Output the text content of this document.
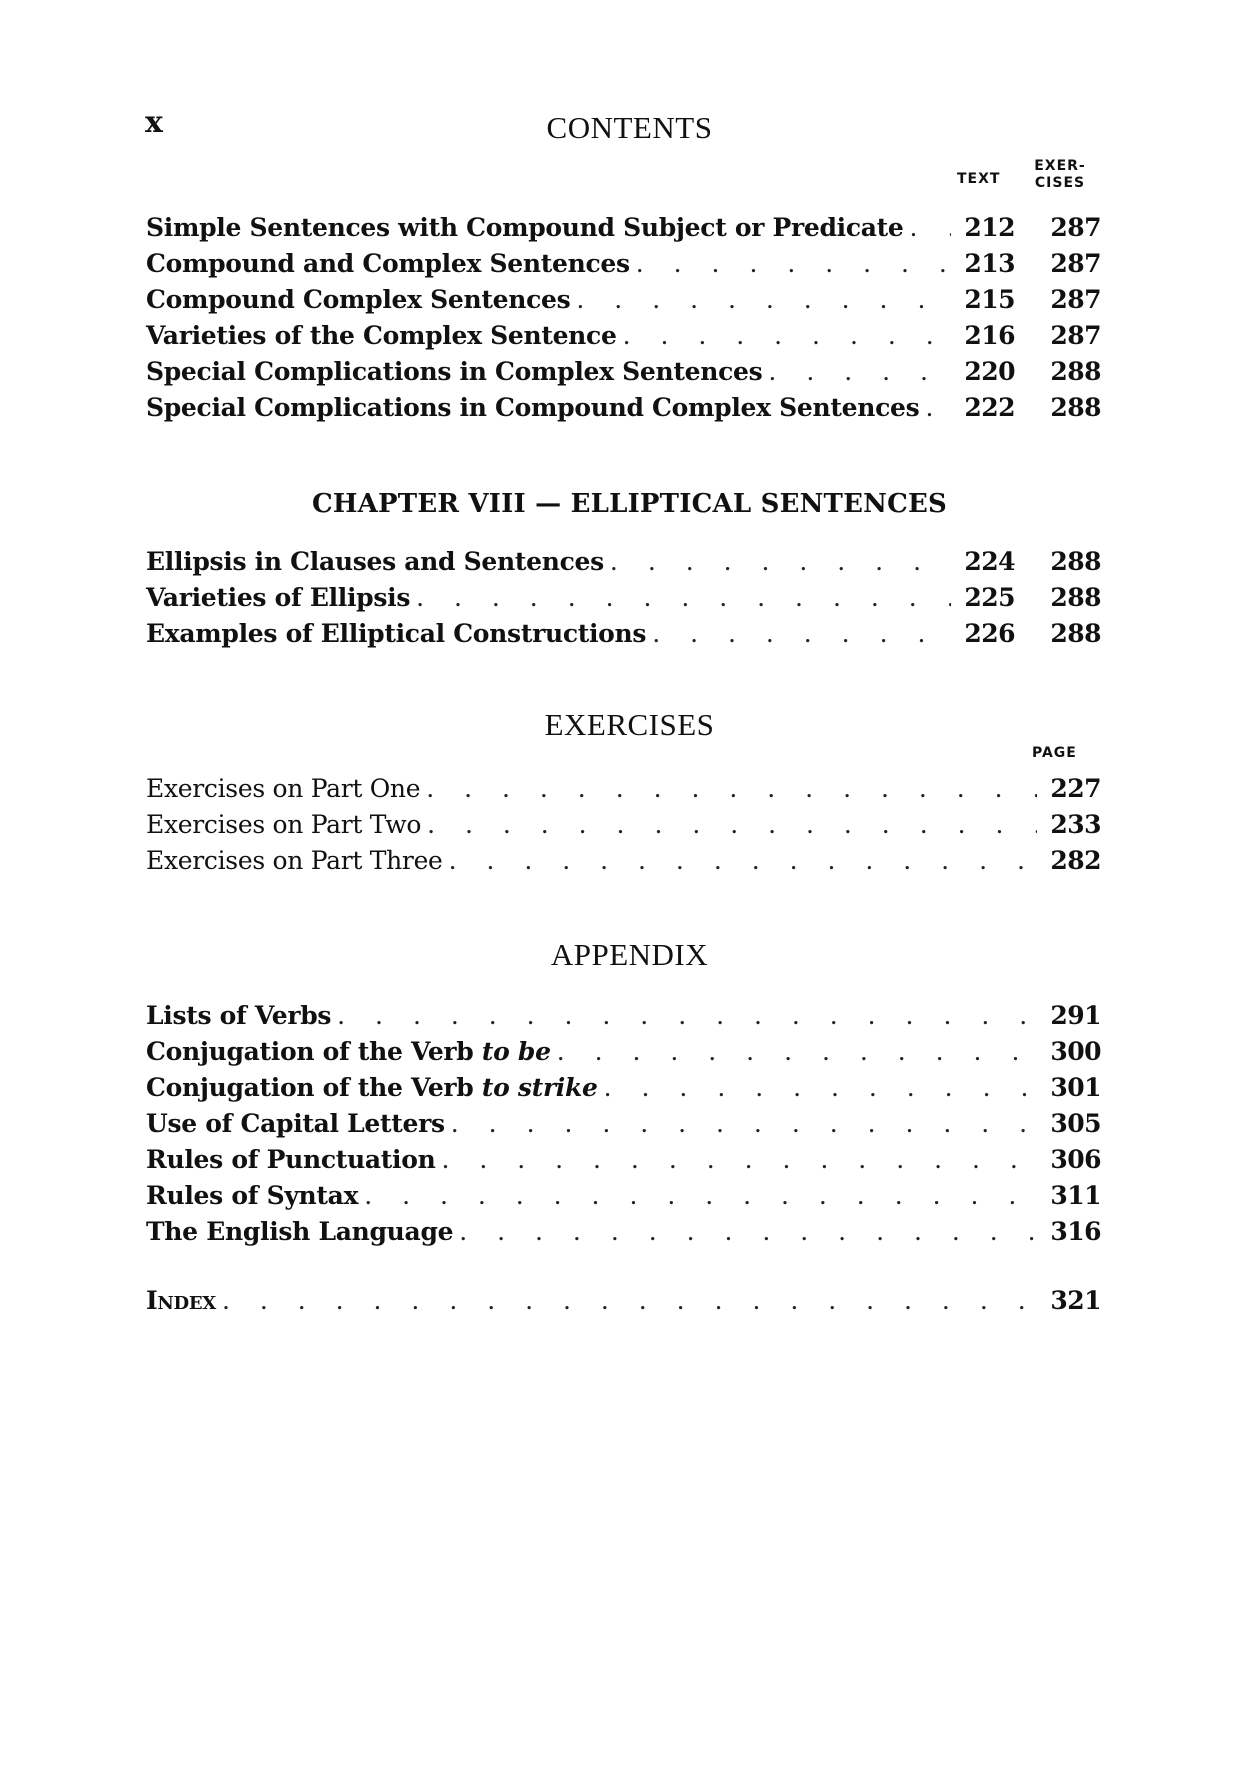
x	CONTENTS
TEXT
EXER-
CISES
Simple Sentences with Compound Subject or Predicate . . . 212	287
Compound and Complex Sentences . . .	213	287
Compound Complex Sentences . . .	215	287
Varieties of the Complex Sentence . . .	216	287
Special Complications in Complex Sentences . . .	220	288
Special Complications in Compound Complex Sentences . . . 222	288
CHAPTER VIII — ELLIPTICAL SENTENCES
Ellipsis in Clauses and Sentences . . .	224	288
Varieties of Ellipsis . . .	225	288
Examples of Elliptical Constructions . . .	226	288
EXERCISES
PAGE
Exercises on Part One . . .	227
Exercises on Part Two . . .	233
Exercises on Part Three . . .	282
APPENDIX
Lists of Verbs . . .	291
Conjugation of the Verb to be . . .	300
Conjugation of the Verb to strike . . .	301
Use of Capital Letters . . .	305
Rules of Punctuation . . .	306
Rules of Syntax . . .	311
The English Language . . .	316
Index . . .	321
